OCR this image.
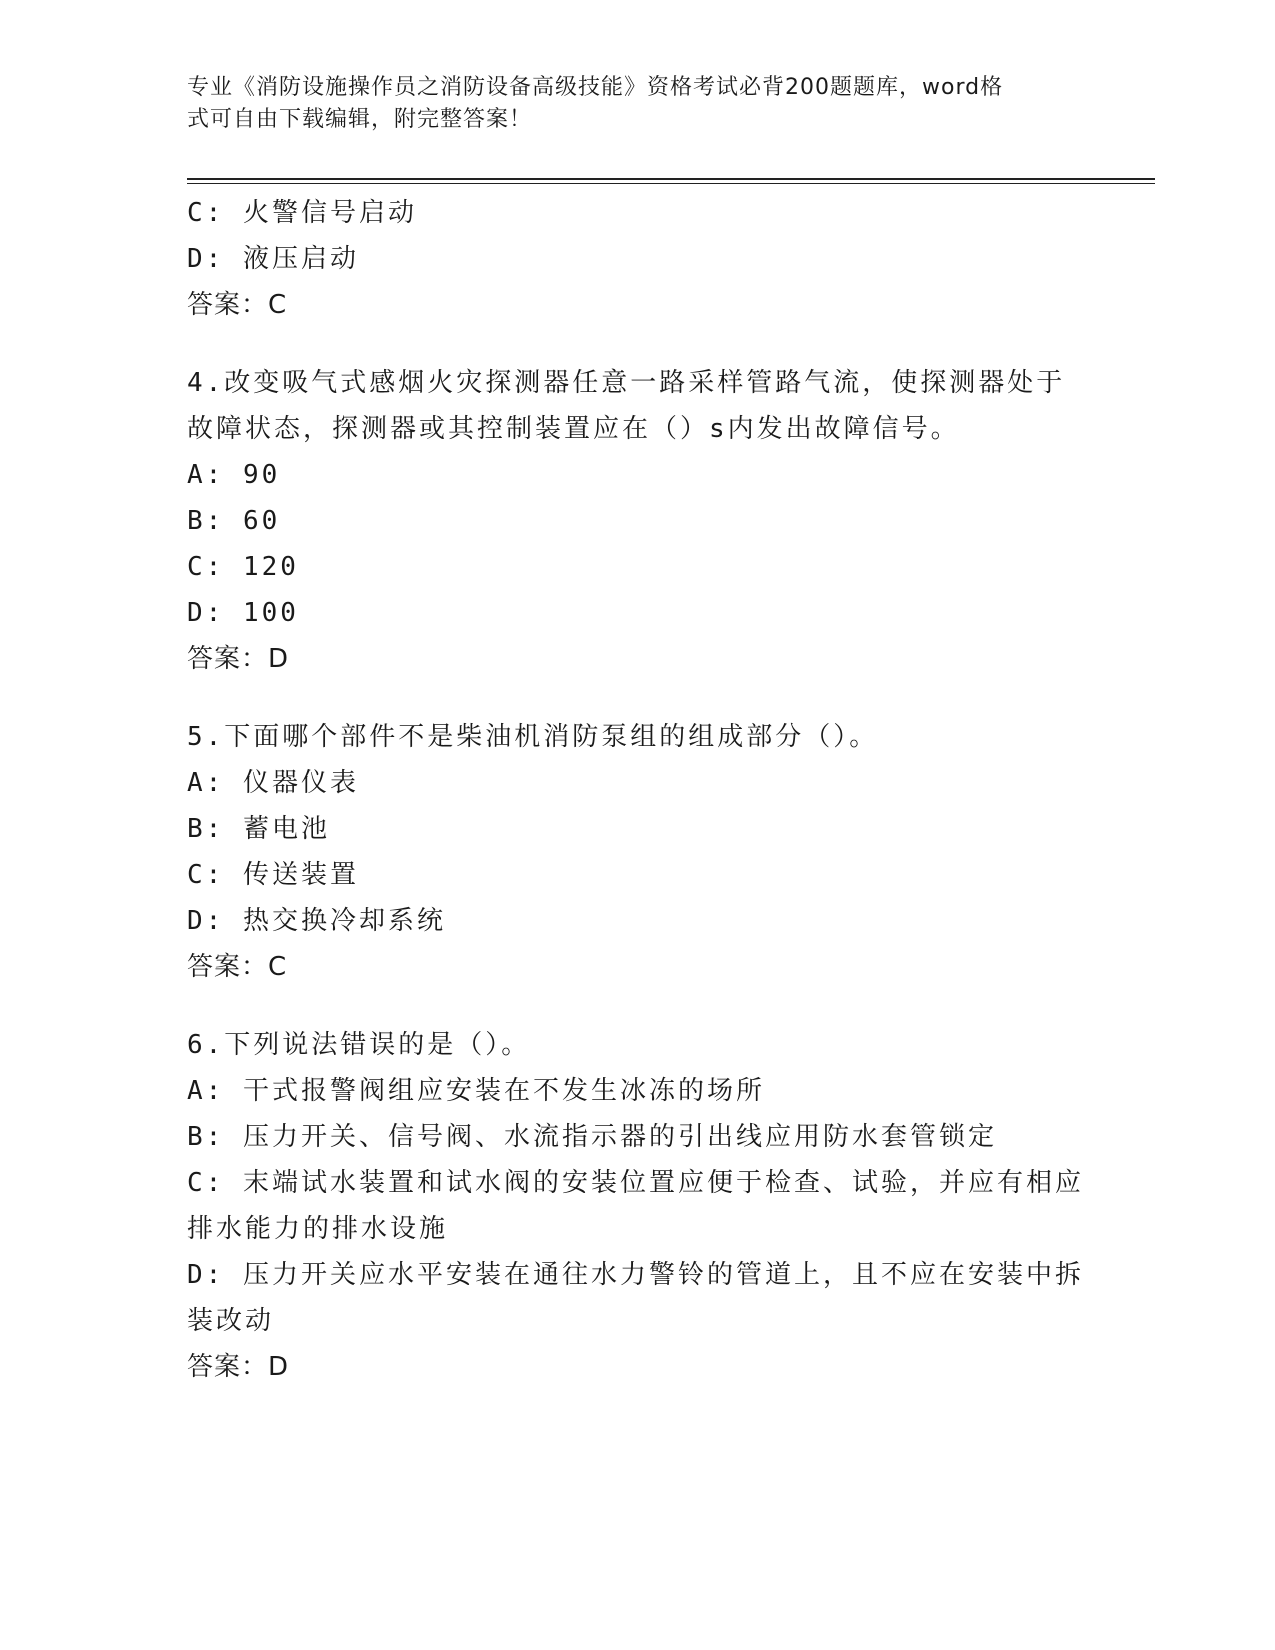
专业《消防设施操作员之消防设备高级技能》资格考试必背200题题库，word格
式可自由下载编辑，附完整答案！
C: 火警信号启动
D: 液压启动
答案：C
4.改变吸气式感烟火灾探测器任意一路采样管路气流，使探测器处于
故障状态，探测器或其控制装置应在（）s内发出故障信号。
A: 90
B: 60
C: 120
D: 100
答案：D
5.下面哪个部件不是柴油机消防泵组的组成部分（）。
A: 仪器仪表
B: 蓄电池
C: 传送装置
D: 热交换冷却系统
答案：C
6.下列说法错误的是（）。
A: 干式报警阀组应安装在不发生冰冻的场所
B: 压力开关、信号阀、水流指示器的引出线应用防水套管锁定
C: 末端试水装置和试水阀的安装位置应便于检查、试验，并应有相应
排水能力的排水设施
D: 压力开关应水平安装在通往水力警铃的管道上，且不应在安装中拆
装改动
答案：D
